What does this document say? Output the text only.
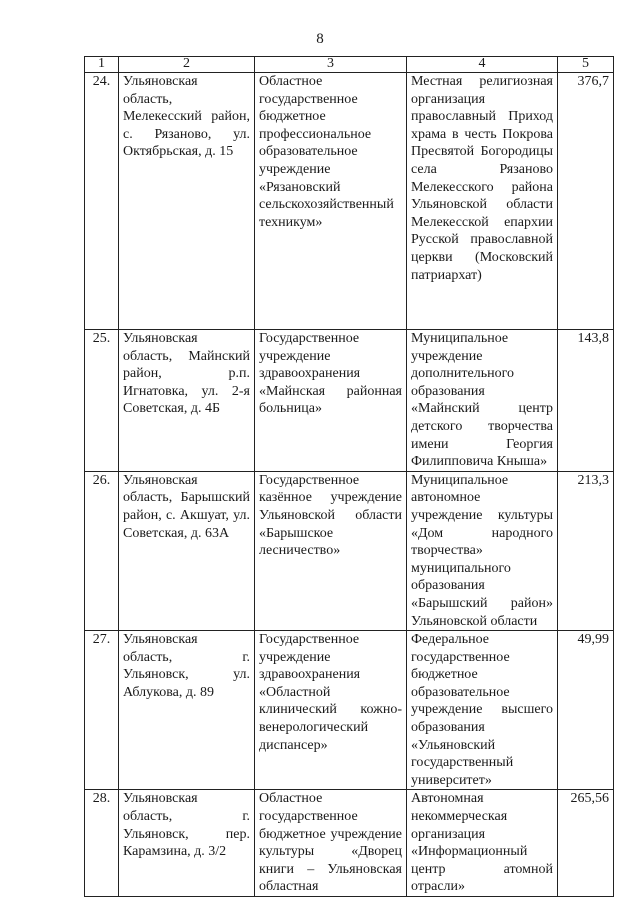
8
1	2	3	4	5
24.	Ульяновская область, Мелекесский район, с. Рязаново, ул. Октябрьская, д. 15	Областное государственное бюджетное профессиональное образовательное учреждение «Рязановский сельскохозяйственный техникум»	Местная религиозная организация православный Приход храма в честь Покрова Пресвятой Богородицы села Рязаново Мелекесского района Ульяновской области Мелекесской епархии Русской православной церкви (Московский патриархат)	376,7
25.	Ульяновская область, Майнский район, р.п. Игнатовка, ул. 2-я Советская, д. 4Б	Государственное учреждение здравоохранения «Майнская районная больница»	Муниципальное учреждение дополнительного образования «Майнский центр детского творчества имени Георгия Филипповича Кныша»	143,8
26.	Ульяновская область, Барышский район, с. Акшуат, ул. Советская, д. 63А	Государственное казённое учреждение Ульяновской области «Барышское лесничество»	Муниципальное автономное учреждение культуры «Дом народного творчества» муниципального образования «Барышский район» Ульяновской области	213,3
27.	Ульяновская область, г. Ульяновск, ул. Аблукова, д. 89	Государственное учреждение здравоохранения «Областной клинический кожно-венерологический диспансер»	Федеральное государственное бюджетное образовательное учреждение высшего образования «Ульяновский государственный университет»	49,99
28.	Ульяновская область, г. Ульяновск, пер. Карамзина, д. 3/2	Областное государственное бюджетное учреждение культуры «Дворец книги – Ульяновская областная	Автономная некоммерческая организация «Информационный центр атомной отрасли»	265,56
